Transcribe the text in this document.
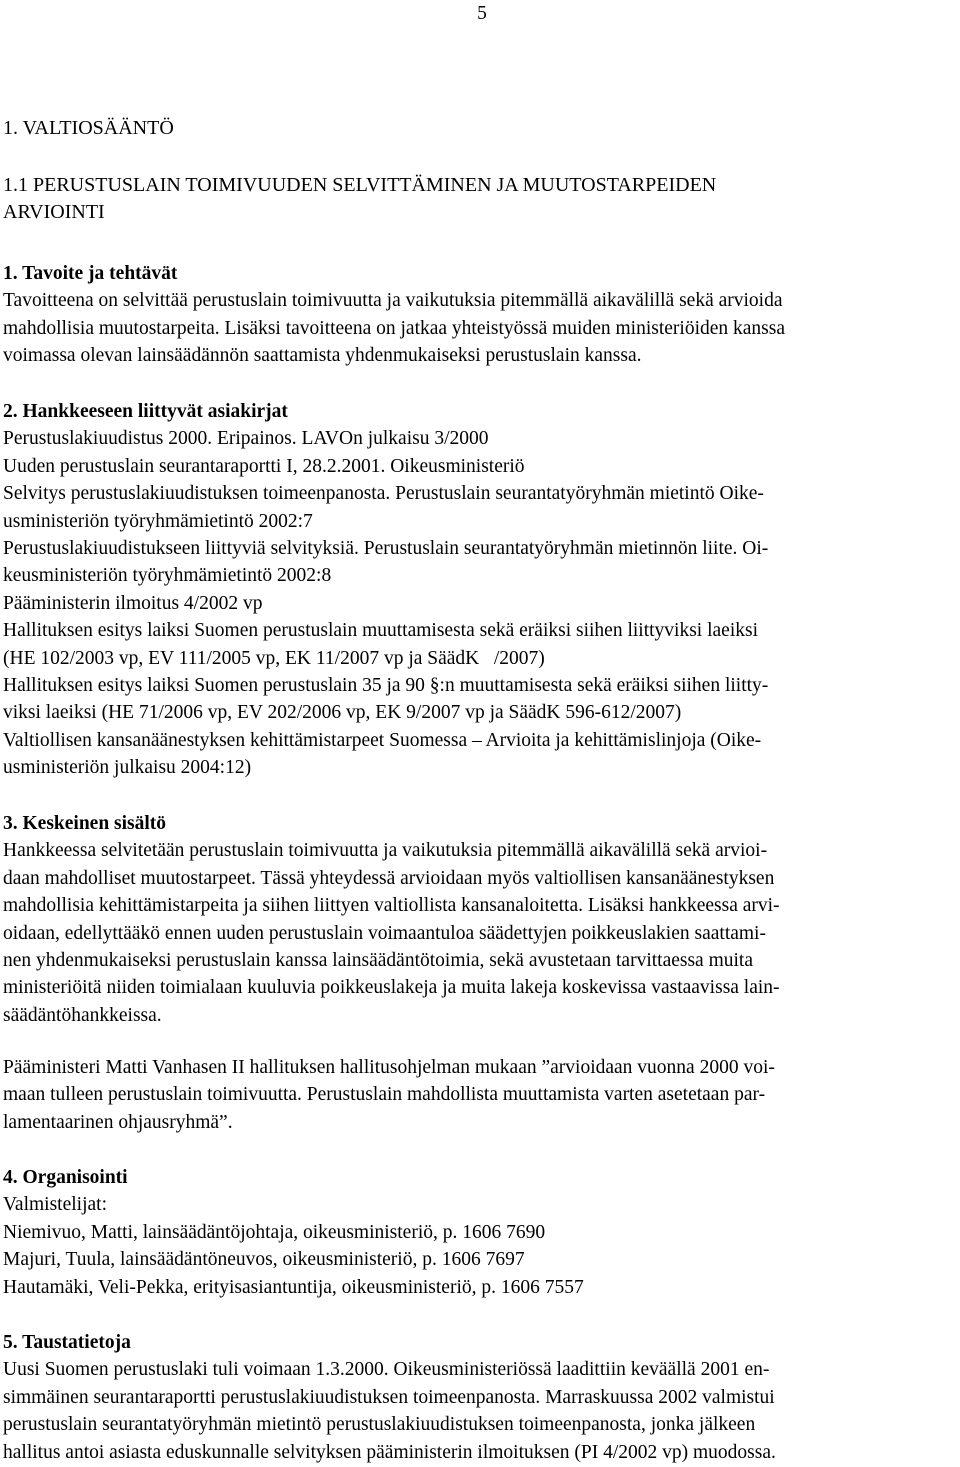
5
1. VALTIOSÄÄNTÖ
1.1 PERUSTUSLAIN TOIMIVUUDEN SELVITTÄMINEN JA MUUTOSTARPEIDEN
ARVIOINTI
1. Tavoite ja tehtävät
Tavoitteena on selvittää perustuslain toimivuutta ja vaikutuksia pitemmällä aikavälillä sekä arvioida
mahdollisia muutostarpeita. Lisäksi tavoitteena on jatkaa yhteistyössä muiden ministeriöiden kanssa
voimassa olevan lainsäädännön saattamista yhdenmukaiseksi perustuslain kanssa.
2. Hankkeeseen liittyvät asiakirjat
Perustuslakiuudistus 2000. Eripainos. LAVOn julkaisu 3/2000
Uuden perustuslain seurantaraportti I, 28.2.2001. Oikeusministeriö
Selvitys perustuslakiuudistuksen toimeenpanosta. Perustuslain seurantatyöryhmän mietintö Oike-
usministeriön työryhmämietintö 2002:7
Perustuslakiuudistukseen liittyviä selvityksiä. Perustuslain seurantatyöryhmän mietinnön liite. Oi-
keusministeriön työryhmämietintö 2002:8
Pääministerin ilmoitus 4/2002 vp
Hallituksen esitys laiksi Suomen perustuslain muuttamisesta sekä eräiksi siihen liittyviksi laeiksi
(HE 102/2003 vp, EV 111/2005 vp, EK 11/2007 vp ja SäädK   /2007)
Hallituksen esitys laiksi Suomen perustuslain 35 ja 90 §:n muuttamisesta sekä eräiksi siihen liitty-
viksi laeiksi (HE 71/2006 vp, EV 202/2006 vp, EK 9/2007 vp ja SäädK 596-612/2007)
Valtiollisen kansanäänestyksen kehittämistarpeet Suomessa – Arvioita ja kehittämislinjoja (Oike-
usministeriön julkaisu 2004:12)
3. Keskeinen sisältö
Hankkeessa selvitetään perustuslain toimivuutta ja vaikutuksia pitemmällä aikavälillä sekä arvioi-
daan mahdolliset muutostarpeet. Tässä yhteydessä arvioidaan myös valtiollisen kansanäänestyksen
mahdollisia kehittämistarpeita ja siihen liittyen valtiollista kansanaloitetta. Lisäksi hankkeessa arvi-
oidaan, edellyttääkö ennen uuden perustuslain voimaantuloa säädettyjen poikkeuslakien saattami-
nen yhdenmukaiseksi perustuslain kanssa lainsäädäntötoimia, sekä avustetaan tarvittaessa muita
ministeriöitä niiden toimialaan kuuluvia poikkeuslakeja ja muita lakeja koskevissa vastaavissa lain-
säädäntöhankkeissa.
Pääministeri Matti Vanhasen II hallituksen hallitusohjelman mukaan ”arvioidaan vuonna 2000 voi-
maan tulleen perustuslain toimivuutta. Perustuslain mahdollista muuttamista varten asetetaan par-
lamentaarinen ohjausryhmä”.
4. Organisointi
Valmistelijat:
Niemivuo, Matti, lainsäädäntöjohtaja, oikeusministeriö, p. 1606 7690
Majuri, Tuula, lainsäädäntöneuvos, oikeusministeriö, p. 1606 7697
Hautamäki, Veli-Pekka, erityisasiantuntija, oikeusministeriö, p. 1606 7557
5. Taustatietoja
Uusi Suomen perustuslaki tuli voimaan 1.3.2000. Oikeusministeriössä laadittiin keväällä 2001 en-
simmäinen seurantaraportti perustuslakiuudistuksen toimeenpanosta. Marraskuussa 2002 valmistui
perustuslain seurantatyöryhmän mietintö perustuslakiuudistuksen toimeenpanosta, jonka jälkeen
hallitus antoi asiasta eduskunnalle selvityksen pääministerin ilmoituksen (PI 4/2002 vp) muodossa.
